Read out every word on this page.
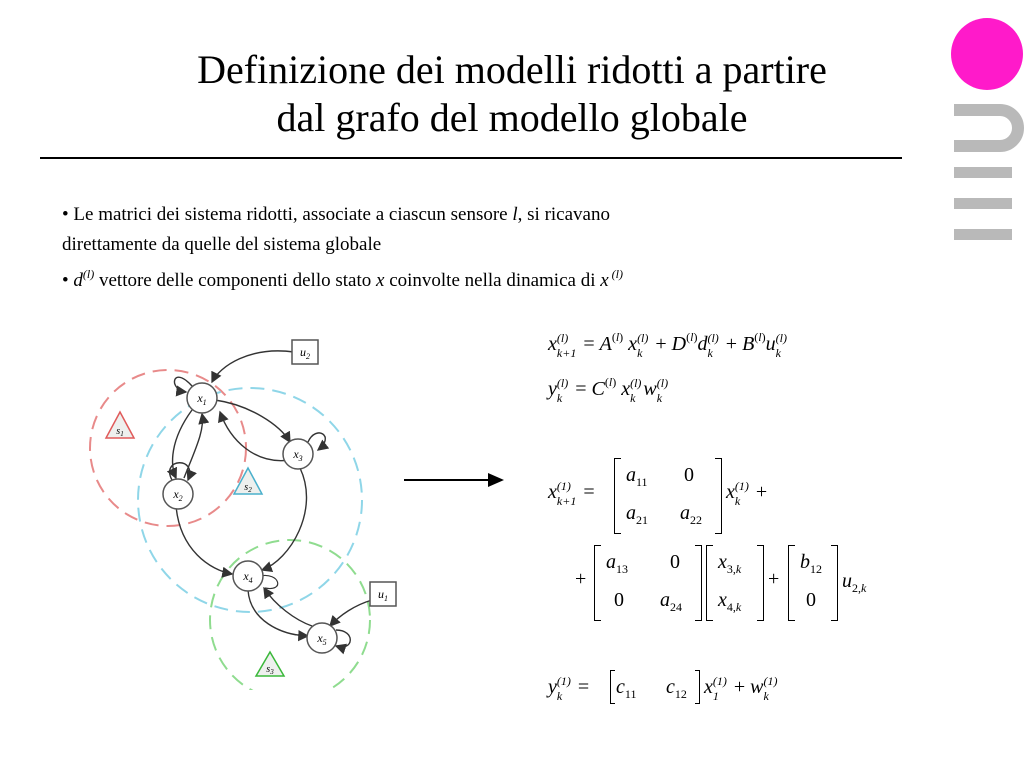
Definizione dei modelli ridotti a partire
dal grafo del modello globale

• Le matrici dei sistema ridotti, associate a ciascun sensore l, si ricavano
direttamente da quelle del sistema globale

• $d^{(l)}$ vettore delle componenti dello stato x coinvolte nella dinamica di x $^{(l)}$

$x_1$
$x_2$
$x_3$
$x_4$
$x_5$
$u_2$
$u_1$
$s_1$
$s_2$
$s_3$
x (l)
$k+1 = A^{(l)}$ x (l)
$k + D^{(l)}d$ (l)
$k + B^{(l)}u$ (l)
k
y (l)
$k = C^{(l)}$ x (l)
k w (l)
k
x (1)
k+1 =
$a_{11}$ 0
$a_{21}$ $a_{22}$
x (1)
k +
+
$a_{13}$ 0
0 $a_{24}$
$x_{3,k}$
$x_{4,k}$
+
$b_{12}$
0
$u_{2,k}$
y (1)
$k = c_{11}$ $c_{12}$ x (1)
1 + w (1)
k
